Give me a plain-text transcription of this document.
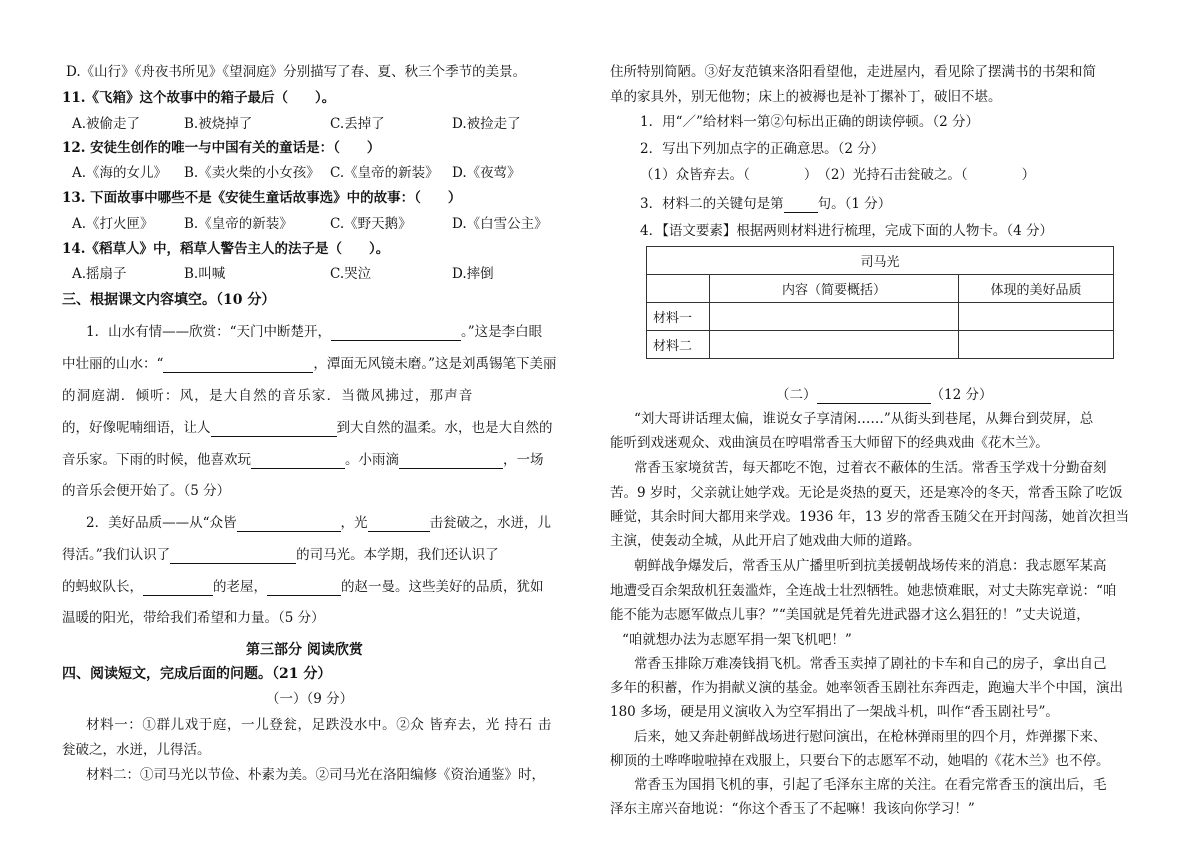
D.《山行》《舟夜书所见》《望洞庭》分别描写了春、夏、秋三个季节的美景。
11.《飞箱》这个故事中的箱子最后（　　）。
A.被偷走了	B.被烧掉了	C.丢掉了	D.被捡走了
12. 安徒生创作的唯一与中国有关的童话是：（　　）
A.《海的女儿》 B.《卖火柴的小女孩》 C.《皇帝的新装》 D.《夜莺》
13. 下面故事中哪些不是《安徒生童话故事选》中的故事：（　　）
A.《打火匣》 B.《皇帝的新装》	C.《野天鹅》	D.《白雪公主》
14.《稻草人》中，稻草人警告主人的法子是（　　）。
A.摇扇子	B.叫喊	C.哭泣	D.摔倒
三、根据课文内容填空。（10 分）
1．山水有情——欣赏：“天门中断楚开，	。”这是李白眼
中壮丽的山水：“	，潭面无风镜未磨。”这是刘禹锡笔下美丽
的洞庭湖．倾听：风，是大自然的音乐家．当微风拂过，那声音
的，好像呢喃细语，让人	到大自然的温柔。水，也是大自然的
音乐家。下雨的时候，他喜欢玩	。小雨滴	，一场
的音乐会便开始了。（5 分）
2．美好品质——从“众皆	，光	击瓮破之，水迸，儿
得活。”我们认识了	的司马光。本学期，我们还认识了
的蚂蚁队长，	的老屋，	的赵一曼。这些美好的品质，犹如
温暖的阳光，带给我们希望和力量。（5 分）
第三部分 阅读欣赏
四、阅读短文，完成后面的问题。（21 分）
（一）（9 分）
材料一：①群儿戏于庭，一儿登瓮，足跌没水中。②众 皆弃去，光 持石 击
瓮破之，水迸，儿得活。
材料二：①司马光以节俭、朴素为美。②司马光在洛阳编修《资治通鉴》时，
住所特别简陋。③好友范镇来洛阳看望他，走进屋内，看见除了摆满书的书架和简
单的家具外，别无他物；床上的被褥也是补丁摞补丁，破旧不堪。
1．用“／”给材料一第②句标出正确的朗读停顿。（2 分）
2．写出下列加点字的正确意思。（2 分）
（1）众皆弃去。（　　　　）　（2）光持石击瓮破之。（　　　　）
3．材料二的关键句是第	句。（1 分）
4．【语文要素】根据两则材料进行梳理，完成下面的人物卡。（4 分）
司马光		
	内容（简要概括）	体现的美好品质
材料一		
材料二		
（二）	（12 分）
“刘大哥讲话理太偏，谁说女子享清闲……”从街头到巷尾，从舞台到荧屏，总
能听到戏迷观众、戏曲演员在哼唱常香玉大师留下的经典戏曲《花木兰》。
常香玉家境贫苦，每天都吃不饱，过着衣不蔽体的生活。常香玉学戏十分勤奋刻
苦。9 岁时，父亲就让她学戏。无论是炎热的夏天，还是寒冷的冬天，常香玉除了吃饭
睡觉，其余时间大都用来学戏。1936 年，13 岁的常香玉随父在开封闯荡，她首次担当
主演，使轰动全城，从此开启了她戏曲大师的道路。
朝鲜战争爆发后，常香玉从广播里听到抗美援朝战场传来的消息：我志愿军某高
地遭受百余架敌机狂轰滥炸，全连战士壮烈牺牲。她悲愤难眠，对丈夫陈宪章说：“咱
能不能为志愿军做点儿事？”“美国就是凭着先进武器才这么猖狂的！”丈夫说道，
“咱就想办法为志愿军捐一架飞机吧！”
常香玉排除万难凑钱捐飞机。常香玉卖掉了剧社的卡车和自己的房子，拿出自己
多年的积蓄，作为捐献义演的基金。她率领香玉剧社东奔西走，跑遍大半个中国，演出
180 多场，硬是用义演收入为空军捐出了一架战斗机，叫作“香玉剧社号”。
后来，她又奔赴朝鲜战场进行慰问演出，在枪林弹雨里的四个月，炸弹摞下来、
柳顶的土哗哗啦啦掉在戏服上，只要台下的志愿军不动，她唱的《花木兰》也不停。
常香玉为国捐飞机的事，引起了毛泽东主席的关注。在看完常香玉的演出后，毛
泽东主席兴奋地说：“你这个香玉了不起嘛！我该向你学习！”
